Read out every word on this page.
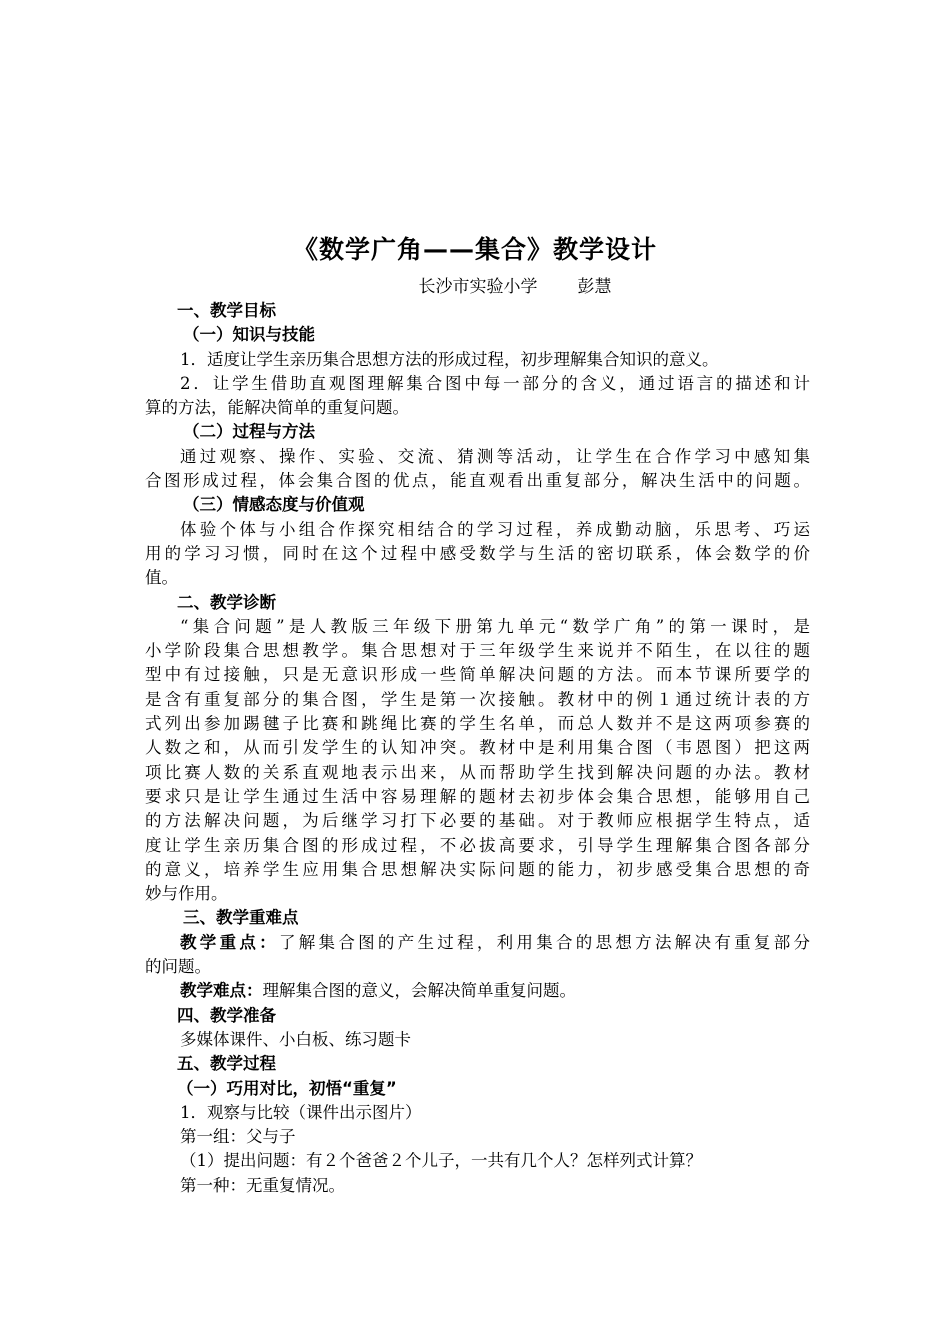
《数学广角——集合》教学设计
长沙市实验小学 彭慧
一、教学目标
（一）知识与技能
1．适度让学生亲历集合思想方法的形成过程，初步理解集合知识的意义。
2．让学生借助直观图理解集合图中每一部分的含义，通过语言的描述和计
算的方法，能解决简单的重复问题。
（二）过程与方法
通过观察、操作、实验、交流、猜测等活动，让学生在合作学习中感知集
合图形成过程，体会集合图的优点，能直观看出重复部分，解决生活中的问题。
（三）情感态度与价值观
体验个体与小组合作探究相结合的学习过程，养成勤动脑，乐思考、巧运
用的学习习惯，同时在这个过程中感受数学与生活的密切联系，体会数学的价
值。
二、教学诊断
“集合问题”是人教版三年级下册第九单元“数学广角”的第一课时，是
小学阶段集合思想教学。集合思想对于三年级学生来说并不陌生，在以往的题
型中有过接触，只是无意识形成一些简单解决问题的方法。而本节课所要学的
是含有重复部分的集合图，学生是第一次接触。教材中的例１通过统计表的方
式列出参加踢毽子比赛和跳绳比赛的学生名单，而总人数并不是这两项参赛的
人数之和，从而引发学生的认知冲突。教材中是利用集合图（韦恩图）把这两
项比赛人数的关系直观地表示出来，从而帮助学生找到解决问题的办法。教材
要求只是让学生通过生活中容易理解的题材去初步体会集合思想，能够用自己
的方法解决问题，为后继学习打下必要的基础。对于教师应根据学生特点，适
度让学生亲历集合图的形成过程，不必拔高要求，引导学生理解集合图各部分
的意义，培养学生应用集合思想解决实际问题的能力，初步感受集合思想的奇
妙与作用。
三、教学重难点
教学重点：了解集合图的产生过程，利用集合的思想方法解决有重复部分
的问题。
教学难点：理解集合图的意义，会解决简单重复问题。
四、教学准备
多媒体课件、小白板、练习题卡
五、教学过程
（一）巧用对比，初悟“重复”
1．观察与比较（课件出示图片）
第一组：父与子
（1）提出问题：有２个爸爸２个儿子，一共有几个人？怎样列式计算？
第一种：无重复情况。
